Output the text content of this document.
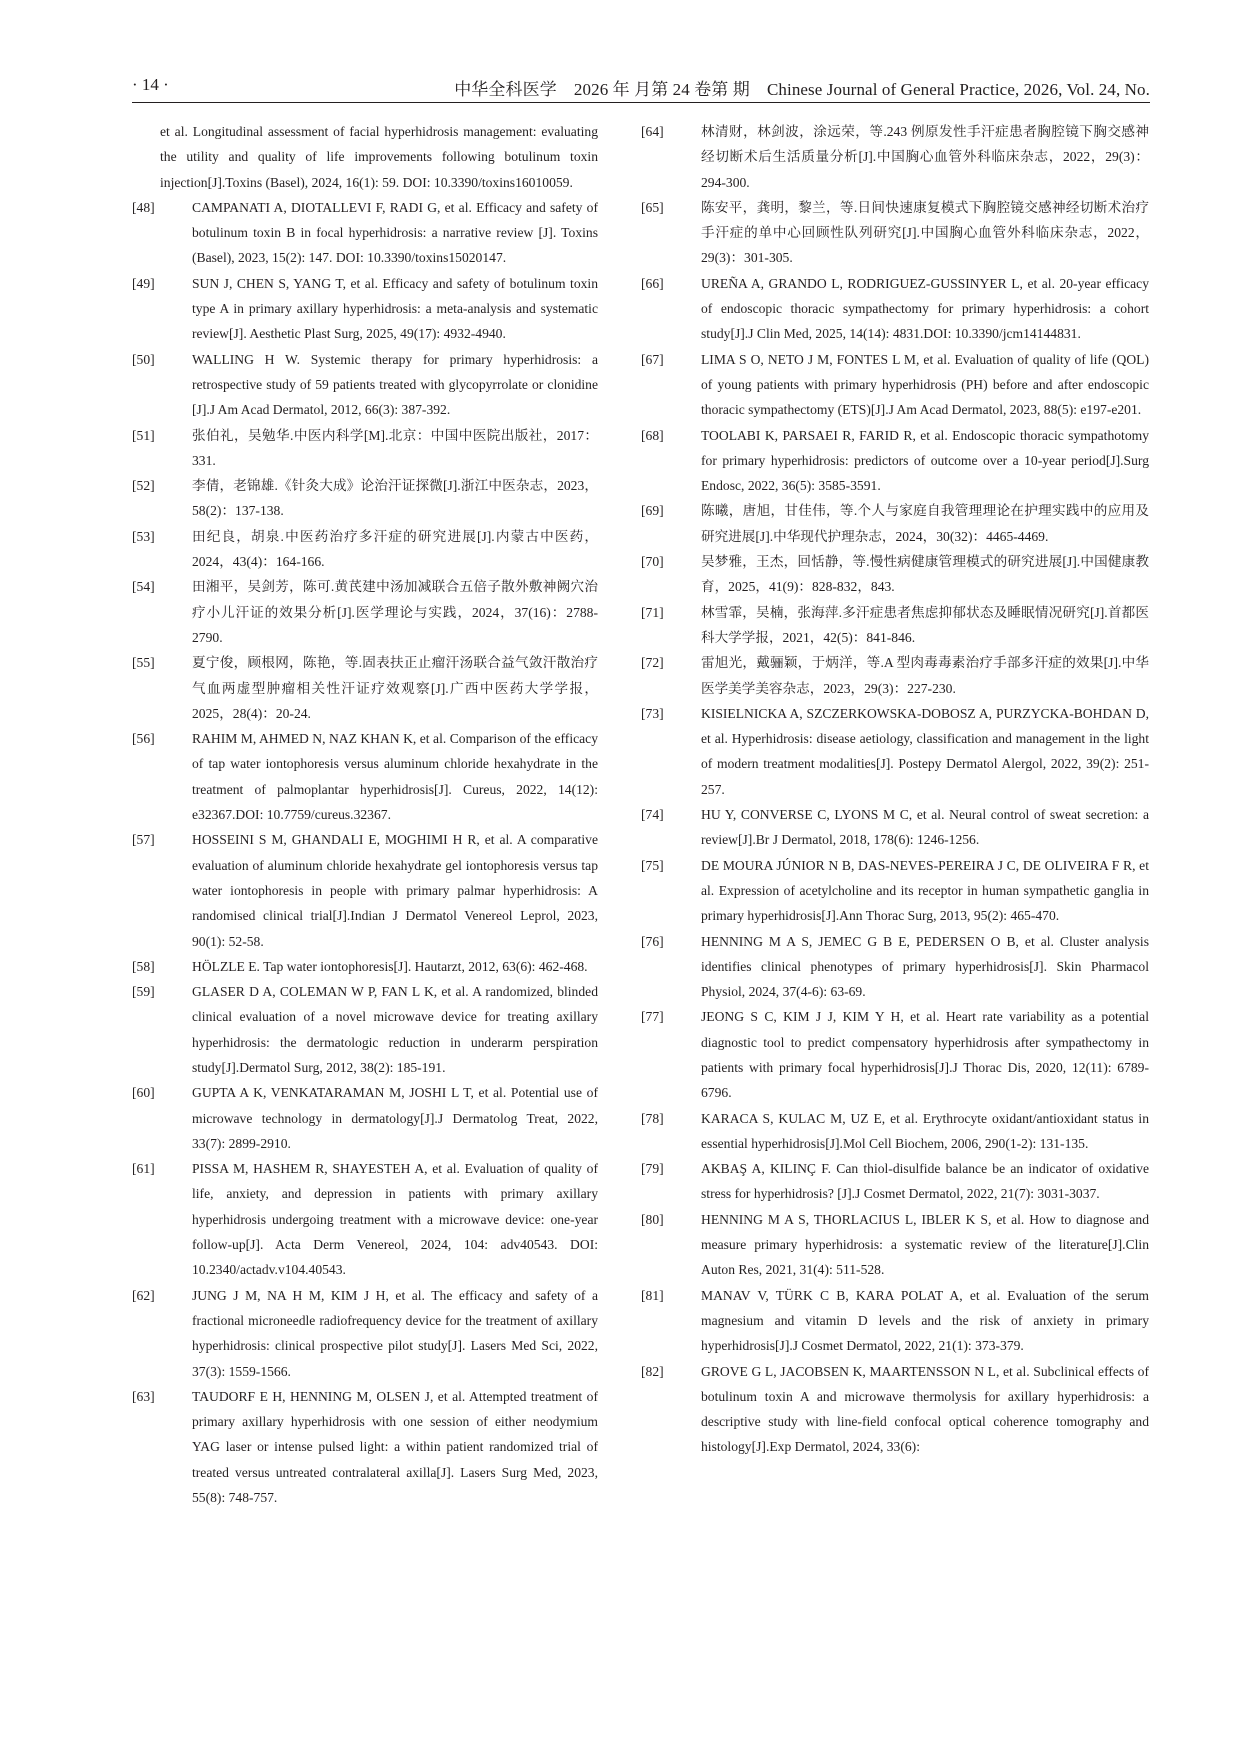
· 14 ·	中华全科医学　2026 年 月第 24 卷第 期　Chinese Journal of General Practice, 2026, Vol. 24, No.
et al. Longitudinal assessment of facial hyperhidrosis management: evaluating the utility and quality of life improvements following botulinum toxin injection[J].Toxins (Basel), 2024, 16(1): 59. DOI: 10.3390/toxins16010059.
[48]	CAMPANATI A, DIOTALLEVI F, RADI G, et al. Efficacy and safety of botulinum toxin B in focal hyperhidrosis: a narrative review [J]. Toxins (Basel), 2023, 15(2): 147. DOI: 10.3390/toxins15020147.
[49]	SUN J, CHEN S, YANG T, et al. Efficacy and safety of botulinum toxin type A in primary axillary hyperhidrosis: a meta-analysis and systematic review[J]. Aesthetic Plast Surg, 2025, 49(17): 4932-4940.
[50]	WALLING H W. Systemic therapy for primary hyperhidrosis: a retrospective study of 59 patients treated with glycopyrrolate or clonidine [J].J Am Acad Dermatol, 2012, 66(3): 387-392.
[51]	张伯礼，吴勉华.中医内科学[M].北京：中国中医院出版社，2017：331.
[52]	李倩，老锦雄.《针灸大成》论治汗证探微[J].浙江中医杂志，2023，58(2)：137-138.
[53]	田纪良，胡泉.中医药治疗多汗症的研究进展[J].内蒙古中医药，2024，43(4)：164-166.
[54]	田湘平，吴剑芳，陈可.黄芪建中汤加减联合五倍子散外敷神阙穴治疗小儿汗证的效果分析[J].医学理论与实践，2024，37(16)：2788-2790.
[55]	夏宁俊，顾根网，陈艳，等.固表扶正止瘤汗汤联合益气敛汗散治疗气血两虚型肿瘤相关性汗证疗效观察[J].广西中医药大学学报，2025，28(4)：20-24.
[56]	RAHIM M, AHMED N, NAZ KHAN K, et al. Comparison of the efficacy of tap water iontophoresis versus aluminum chloride hexahydrate in the treatment of palmoplantar hyperhidrosis[J]. Cureus, 2022, 14(12): e32367.DOI: 10.7759/cureus.32367.
[57]	HOSSEINI S M, GHANDALI E, MOGHIMI H R, et al. A comparative evaluation of aluminum chloride hexahydrate gel iontophoresis versus tap water iontophoresis in people with primary palmar hyperhidrosis: A randomised clinical trial[J].Indian J Dermatol Venereol Leprol, 2023, 90(1): 52-58.
[58]	HÖLZLE E. Tap water iontophoresis[J]. Hautarzt, 2012, 63(6): 462-468.
[59]	GLASER D A, COLEMAN W P, FAN L K, et al. A randomized, blinded clinical evaluation of a novel microwave device for treating axillary hyperhidrosis: the dermatologic reduction in underarm perspiration study[J].Dermatol Surg, 2012, 38(2): 185-191.
[60]	GUPTA A K, VENKATARAMAN M, JOSHI L T, et al. Potential use of microwave technology in dermatology[J].J Dermatolog Treat, 2022, 33(7): 2899-2910.
[61]	PISSA M, HASHEM R, SHAYESTEH A, et al. Evaluation of quality of life, anxiety, and depression in patients with primary axillary hyperhidrosis undergoing treatment with a microwave device: one-year follow-up[J]. Acta Derm Venereol, 2024, 104: adv40543. DOI: 10.2340/actadv.v104.40543.
[62]	JUNG J M, NA H M, KIM J H, et al. The efficacy and safety of a fractional microneedle radiofrequency device for the treatment of axillary hyperhidrosis: clinical prospective pilot study[J]. Lasers Med Sci, 2022, 37(3): 1559-1566.
[63]	TAUDORF E H, HENNING M, OLSEN J, et al. Attempted treatment of primary axillary hyperhidrosis with one session of either neodymium YAG laser or intense pulsed light: a within patient randomized trial of treated versus untreated contralateral axilla[J]. Lasers Surg Med, 2023, 55(8): 748-757.
[64]	林清财，林剑波，涂远荣，等.243 例原发性手汗症患者胸腔镜下胸交感神经切断术后生活质量分析[J].中国胸心血管外科临床杂志，2022，29(3)：294-300.
[65]	陈安平，龚明，黎兰，等.日间快速康复模式下胸腔镜交感神经切断术治疗手汗症的单中心回顾性队列研究[J].中国胸心血管外科临床杂志，2022，29(3)：301-305.
[66]	UREÑA A, GRANDO L, RODRIGUEZ-GUSSINYER L, et al. 20-year efficacy of endoscopic thoracic sympathectomy for primary hyperhidrosis: a cohort study[J].J Clin Med, 2025, 14(14): 4831.DOI: 10.3390/jcm14144831.
[67]	LIMA S O, NETO J M, FONTES L M, et al. Evaluation of quality of life (QOL) of young patients with primary hyperhidrosis (PH) before and after endoscopic thoracic sympathectomy (ETS)[J].J Am Acad Dermatol, 2023, 88(5): e197-e201.
[68]	TOOLABI K, PARSAEI R, FARID R, et al. Endoscopic thoracic sympathotomy for primary hyperhidrosis: predictors of outcome over a 10-year period[J].Surg Endosc, 2022, 36(5): 3585-3591.
[69]	陈曦，唐旭，甘佳伟，等.个人与家庭自我管理理论在护理实践中的应用及研究进展[J].中华现代护理杂志，2024，30(32)：4465-4469.
[70]	吴梦雅，王杰，回恬静，等.慢性病健康管理模式的研究进展[J].中国健康教育，2025，41(9)：828-832，843.
[71]	林雪霏，吴楠，张海萍.多汗症患者焦虑抑郁状态及睡眠情况研究[J].首都医科大学学报，2021，42(5)：841-846.
[72]	雷旭光，戴骊颖，于炳洋，等.A 型肉毒毒素治疗手部多汗症的效果[J].中华医学美学美容杂志，2023，29(3)：227-230.
[73]	KISIELNICKA A, SZCZERKOWSKA-DOBOSZ A, PURZYCKA-BOHDAN D, et al. Hyperhidrosis: disease aetiology, classification and management in the light of modern treatment modalities[J]. Postepy Dermatol Alergol, 2022, 39(2): 251-257.
[74]	HU Y, CONVERSE C, LYONS M C, et al. Neural control of sweat secretion: a review[J].Br J Dermatol, 2018, 178(6): 1246-1256.
[75]	DE MOURA JÚNIOR N B, DAS-NEVES-PEREIRA J C, DE OLIVEIRA F R, et al. Expression of acetylcholine and its receptor in human sympathetic ganglia in primary hyperhidrosis[J].Ann Thorac Surg, 2013, 95(2): 465-470.
[76]	HENNING M A S, JEMEC G B E, PEDERSEN O B, et al. Cluster analysis identifies clinical phenotypes of primary hyperhidrosis[J]. Skin Pharmacol Physiol, 2024, 37(4-6): 63-69.
[77]	JEONG S C, KIM J J, KIM Y H, et al. Heart rate variability as a potential diagnostic tool to predict compensatory hyperhidrosis after sympathectomy in patients with primary focal hyperhidrosis[J].J Thorac Dis, 2020, 12(11): 6789-6796.
[78]	KARACA S, KULAC M, UZ E, et al. Erythrocyte oxidant/antioxidant status in essential hyperhidrosis[J].Mol Cell Biochem, 2006, 290(1-2): 131-135.
[79]	AKBAŞ A, KILINÇ F. Can thiol-disulfide balance be an indicator of oxidative stress for hyperhidrosis? [J].J Cosmet Dermatol, 2022, 21(7): 3031-3037.
[80]	HENNING M A S, THORLACIUS L, IBLER K S, et al. How to diagnose and measure primary hyperhidrosis: a systematic review of the literature[J].Clin Auton Res, 2021, 31(4): 511-528.
[81]	MANAV V, TÜRK C B, KARA POLAT A, et al. Evaluation of the serum magnesium and vitamin D levels and the risk of anxiety in primary hyperhidrosis[J].J Cosmet Dermatol, 2022, 21(1): 373-379.
[82]	GROVE G L, JACOBSEN K, MAARTENSSON N L, et al. Subclinical effects of botulinum toxin A and microwave thermolysis for axillary hyperhidrosis: a descriptive study with line-field confocal optical coherence tomography and histology[J].Exp Dermatol, 2024, 33(6):
